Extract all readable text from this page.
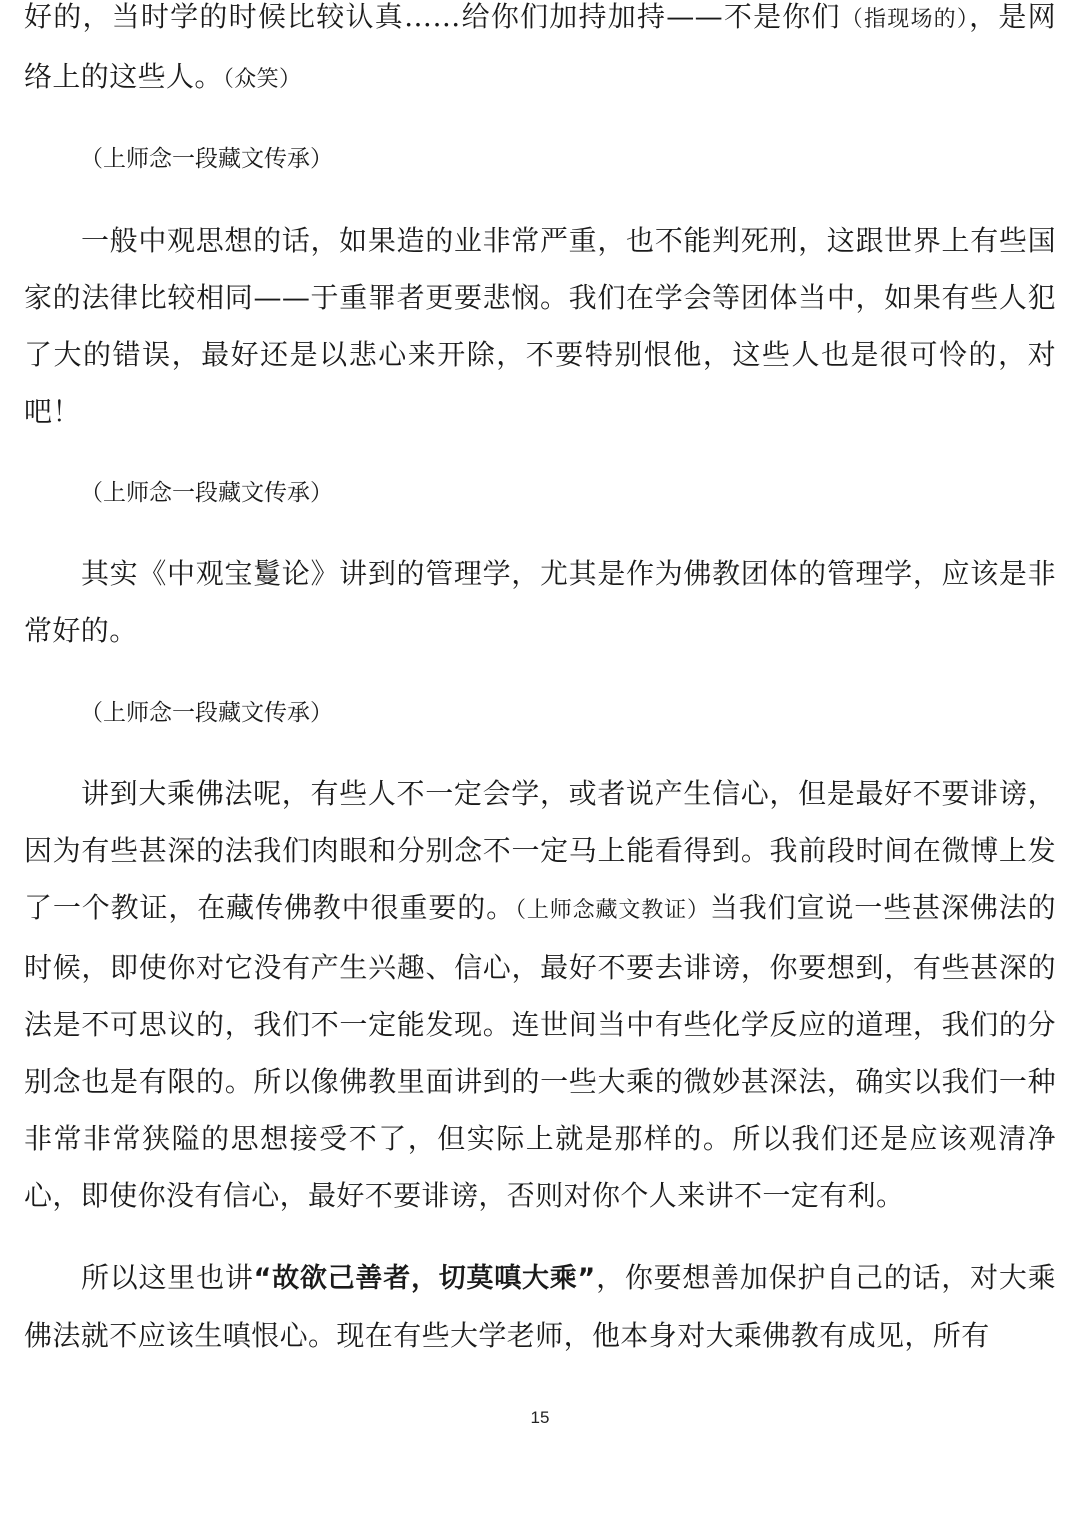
好的，当时学的时候比较认真……给你们加持加持——不是你们（指现场的），是网络上的这些人。（众笑）

（上师念一段藏文传承）

一般中观思想的话，如果造的业非常严重，也不能判死刑，这跟世界上有些国家的法律比较相同——于重罪者更要悲悯。我们在学会等团体当中，如果有些人犯了大的错误，最好还是以悲心来开除，不要特别恨他，这些人也是很可怜的，对吧！

（上师念一段藏文传承）

其实《中观宝鬘论》讲到的管理学，尤其是作为佛教团体的管理学，应该是非常好的。

（上师念一段藏文传承）

讲到大乘佛法呢，有些人不一定会学，或者说产生信心，但是最好不要诽谤，因为有些甚深的法我们肉眼和分别念不一定马上能看得到。我前段时间在微博上发了一个教证，在藏传佛教中很重要的。（上师念藏文教证）当我们宣说一些甚深佛法的时候，即使你对它没有产生兴趣、信心，最好不要去诽谤，你要想到，有些甚深的法是不可思议的，我们不一定能发现。连世间当中有些化学反应的道理，我们的分别念也是有限的。所以像佛教里面讲到的一些大乘的微妙甚深法，确实以我们一种非常非常狭隘的思想接受不了，但实际上就是那样的。所以我们还是应该观清净心，即使你没有信心，最好不要诽谤，否则对你个人来讲不一定有利。

所以这里也讲“故欲己善者，切莫嗔大乘”，你要想善加保护自己的话，对大乘佛法就不应该生嗔恨心。现在有些大学老师，他本身对大乘佛教有成见，所有

15
